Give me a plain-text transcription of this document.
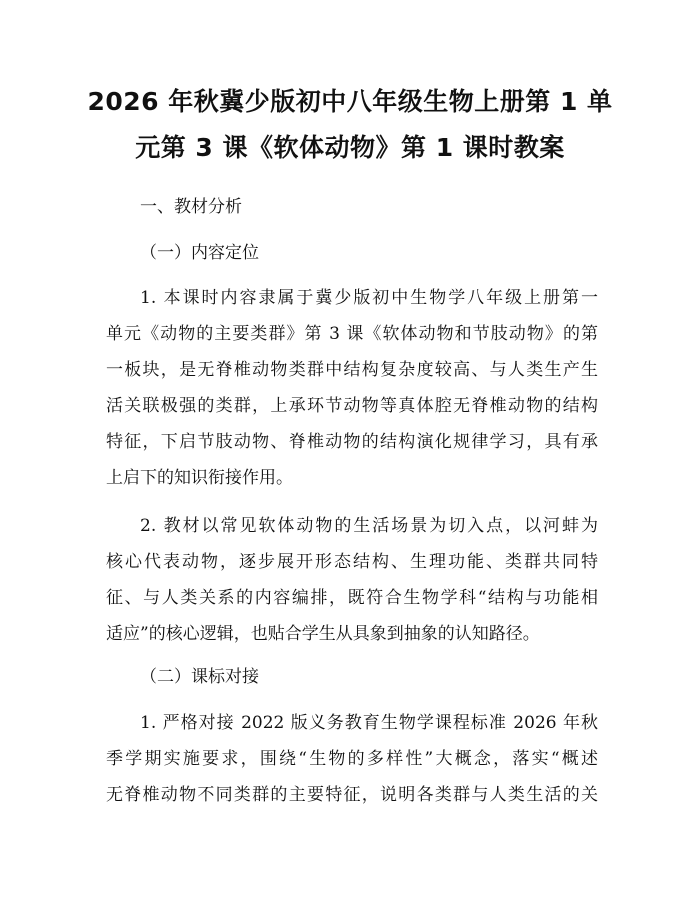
2026 年秋冀少版初中八年级生物上册第 1 单
元第 3 课《软体动物》第 1 课时教案
一、教材分析
（一）内容定位
1. 本课时内容隶属于冀少版初中生物学八年级上册第一
单元《动物的主要类群》第 3 课《软体动物和节肢动物》的第
一板块，是无脊椎动物类群中结构复杂度较高、与人类生产生
活关联极强的类群，上承环节动物等真体腔无脊椎动物的结构
特征，下启节肢动物、脊椎动物的结构演化规律学习，具有承
上启下的知识衔接作用。
2. 教材以常见软体动物的生活场景为切入点，以河蚌为
核心代表动物，逐步展开形态结构、生理功能、类群共同特
征、与人类关系的内容编排，既符合生物学科“结构与功能相
适应”的核心逻辑，也贴合学生从具象到抽象的认知路径。
（二）课标对接
1. 严格对接 2022 版义务教育生物学课程标准 2026 年秋
季学期实施要求，围绕“生物的多样性”大概念，落实“概述
无脊椎动物不同类群的主要特征，说明各类群与人类生活的关
